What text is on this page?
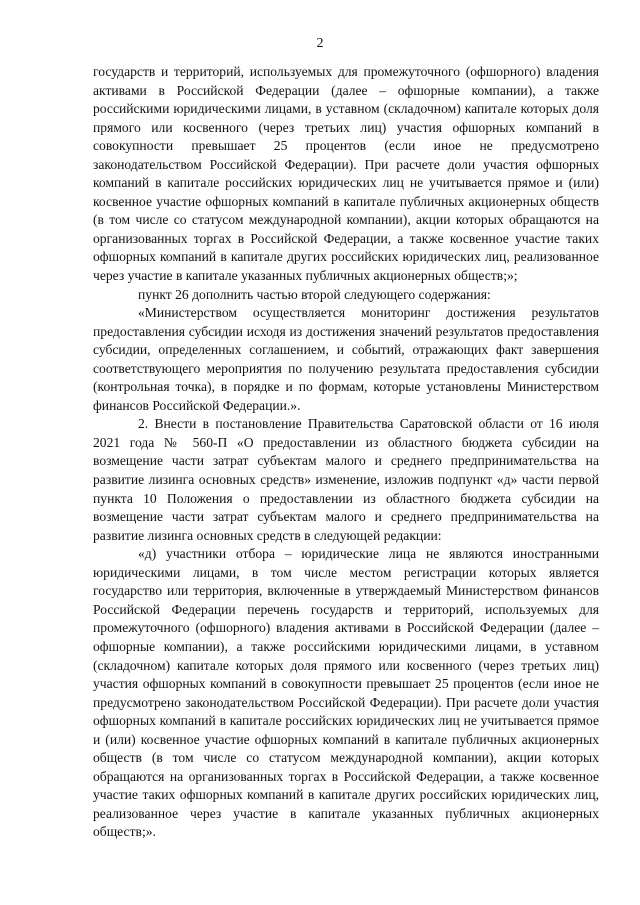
2

государств и территорий, используемых для промежуточного (офшорного) владения активами в Российской Федерации (далее – офшорные компании), а также российскими юридическими лицами, в уставном (складочном) капитале которых доля прямого или косвенного (через третьих лиц) участия офшорных компаний в совокупности превышает 25 процентов (если иное не предусмотрено законодательством Российской Федерации). При расчете доли участия офшорных компаний в капитале российских юридических лиц не учитывается прямое и (или) косвенное участие офшорных компаний в капитале публичных акционерных обществ (в том числе со статусом международной компании), акции которых обращаются на организованных торгах в Российской Федерации, а также косвенное участие таких офшорных компаний в капитале других российских юридических лиц, реализованное через участие в капитале указанных публичных акционерных обществ;»;

пункт 26 дополнить частью второй следующего содержания:

«Министерством осуществляется мониторинг достижения результатов предоставления субсидии исходя из достижения значений результатов предоставления субсидии, определенных соглашением, и событий, отражающих факт завершения соответствующего мероприятия по получению результата предоставления субсидии (контрольная точка), в порядке и по формам, которые установлены Министерством финансов Российской Федерации.».

2. Внести в постановление Правительства Саратовской области от 16 июля 2021 года № 560-П «О предоставлении из областного бюджета субсидии на возмещение части затрат субъектам малого и среднего предпринимательства на развитие лизинга основных средств» изменение, изложив подпункт «д» части первой пункта 10 Положения о предоставлении из областного бюджета субсидии на возмещение части затрат субъектам малого и среднего предпринимательства на развитие лизинга основных средств в следующей редакции:

«д) участники отбора – юридические лица не являются иностранными юридическими лицами, в том числе местом регистрации которых является государство или территория, включенные в утверждаемый Министерством финансов Российской Федерации перечень государств и территорий, используемых для промежуточного (офшорного) владения активами в Российской Федерации (далее – офшорные компании), а также российскими юридическими лицами, в уставном (складочном) капитале которых доля прямого или косвенного (через третьих лиц) участия офшорных компаний в совокупности превышает 25 процентов (если иное не предусмотрено законодательством Российской Федерации). При расчете доли участия офшорных компаний в капитале российских юридических лиц не учитывается прямое и (или) косвенное участие офшорных компаний в капитале публичных акционерных обществ (в том числе со статусом международной компании), акции которых обращаются на организованных торгах в Российской Федерации, а также косвенное участие таких офшорных компаний в капитале других российских юридических лиц, реализованное через участие в капитале указанных публичных акционерных обществ;».
